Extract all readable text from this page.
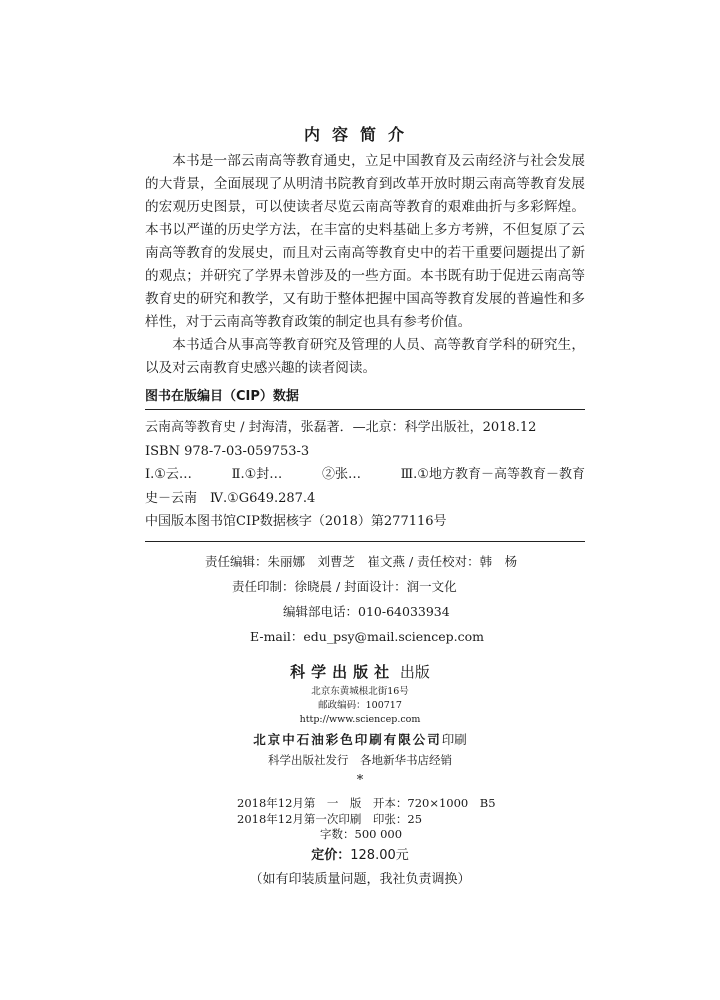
内容简介

本书是一部云南高等教育通史，立足中国教育及云南经济与社会发展的大背景，全面展现了从明清书院教育到改革开放时期云南高等教育发展的宏观历史图景，可以使读者尽览云南高等教育的艰难曲折与多彩辉煌。本书以严谨的历史学方法，在丰富的史料基础上多方考辨，不但复原了云南高等教育的发展史，而且对云南高等教育史中的若干重要问题提出了新的观点；并研究了学界未曾涉及的一些方面。本书既有助于促进云南高等教育史的研究和教学，又有助于整体把握中国高等教育发展的普遍性和多样性，对于云南高等教育政策的制定也具有参考价值。

本书适合从事高等教育研究及管理的人员、高等教育学科的研究生，以及对云南教育史感兴趣的读者阅读。

图书在版编目（CIP）数据
云南高等教育史 / 封海清，张磊著．—北京：科学出版社，2018.12
ISBN 978-7-03-059753-3
Ⅰ.①云…	Ⅱ.①封…	②张…	Ⅲ.①地方教育－高等教育－教育
史－云南　Ⅳ.①G649.287.4
中国版本图书馆CIP数据核字（2018）第277116号
责任编辑：朱丽娜　刘曹芝　崔文燕 / 责任校对：韩　杨
责任印制：徐晓晨 / 封面设计：润一文化
编辑部电话：010-64033934
E-mail：edu_psy@mail.sciencep.com
科学出版社 出版
北京东黄城根北街16号
邮政编码：100717
http://www.sciencep.com
北京中石油彩色印刷有限公司印刷
科学出版社发行　各地新华书店经销
*
2018年12月第　一　版　开本：720×1000　B5
2018年12月第一次印刷　印张：25
字数：500 000
定价：128.00元
（如有印装质量问题，我社负责调换）
